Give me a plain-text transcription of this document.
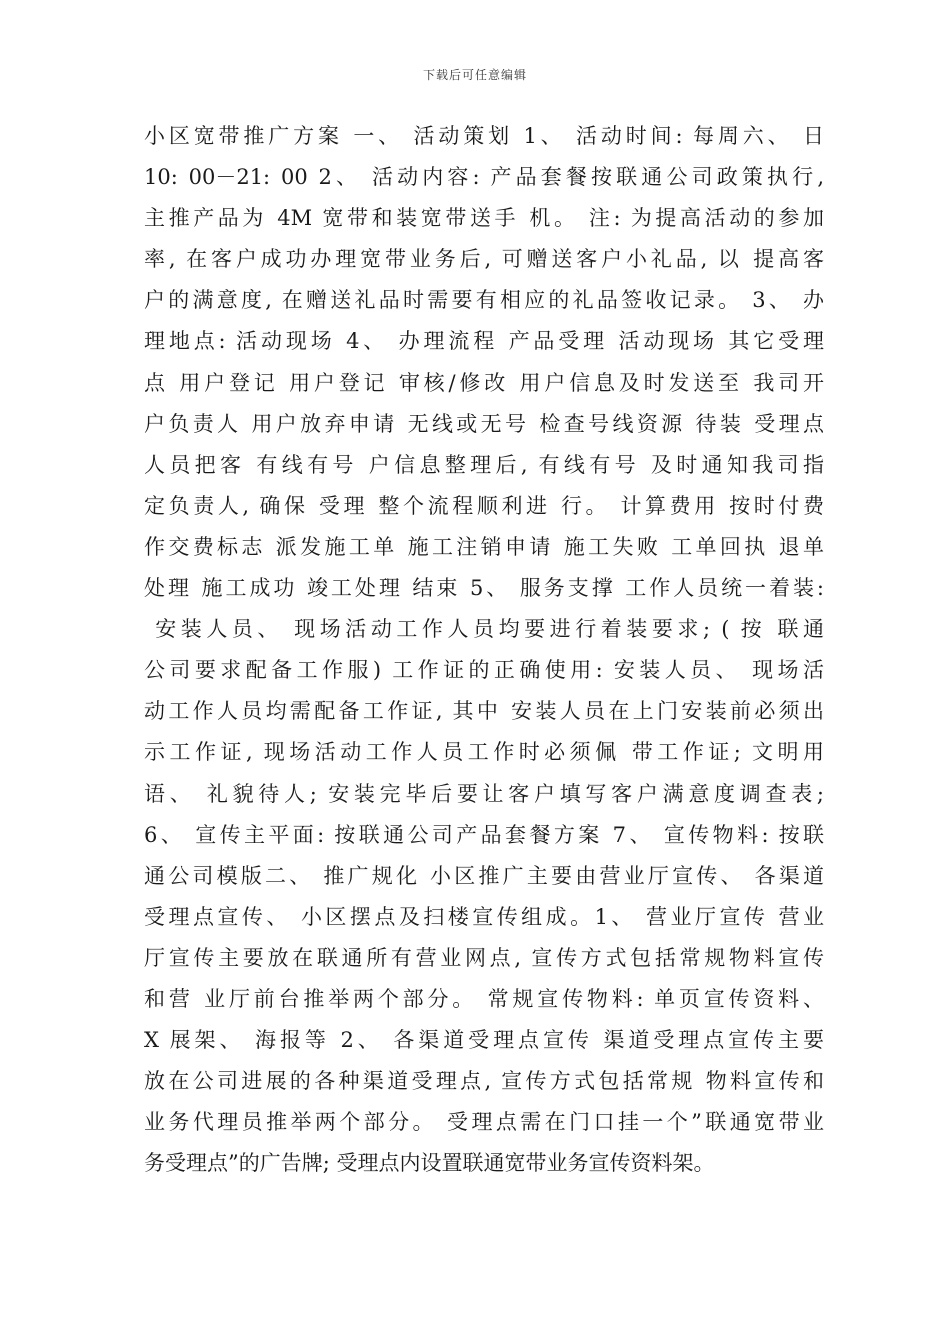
下载后可任意编辑
小区宽带推广方案 一、 活动策划 1、 活动时间: 每周六、 日
10: 00－21: 00 2、 活动内容: 产品套餐按联通公司政策执行,
主推产品为 4M 宽带和装宽带送手 机。 注: 为提高活动的参加
率, 在客户成功办理宽带业务后, 可赠送客户小礼品, 以 提高客
户的满意度, 在赠送礼品时需要有相应的礼品签收记录。 3、 办
理地点: 活动现场 4、 办理流程 产品受理 活动现场 其它受理
点 用户登记 用户登记 审核/修改 用户信息及时发送至 我司开
户负责人 用户放弃申请 无线或无号 检查号线资源 待装 受理点
人员把客 有线有号 户信息整理后, 有线有号 及时通知我司指
定负责人, 确保 受理 整个流程顺利进 行。 计算费用 按时付费
作交费标志 派发施工单 施工注销申请 施工失败 工单回执 退单
处理 施工成功 竣工处理 结束 5、 服务支撑 工作人员统一着装:
安装人员、 现场活动工作人员均要进行着装要求; ( 按 联通
公司要求配备工作服) 工作证的正确使用: 安装人员、 现场活
动工作人员均需配备工作证, 其中 安装人员在上门安装前必须出
示工作证, 现场活动工作人员工作时必须佩 带工作证; 文明用
语、 礼貌待人; 安装完毕后要让客户填写客户满意度调查表;
6、 宣传主平面: 按联通公司产品套餐方案 7、 宣传物料: 按联
通公司模版二、 推广规化 小区推广主要由营业厅宣传、 各渠道
受理点宣传、 小区摆点及扫楼宣传组成。1、 营业厅宣传 营业
厅宣传主要放在联通所有营业网点, 宣传方式包括常规物料宣传
和营 业厅前台推举两个部分。 常规宣传物料: 单页宣传资料、
X 展架、 海报等 2、 各渠道受理点宣传 渠道受理点宣传主要
放在公司进展的各种渠道受理点, 宣传方式包括常规 物料宣传和
业务代理员推举两个部分。 受理点需在门口挂一个”联通宽带业
务受理点”的广告牌; 受理点内设置联通宽带业务宣传资料架。
